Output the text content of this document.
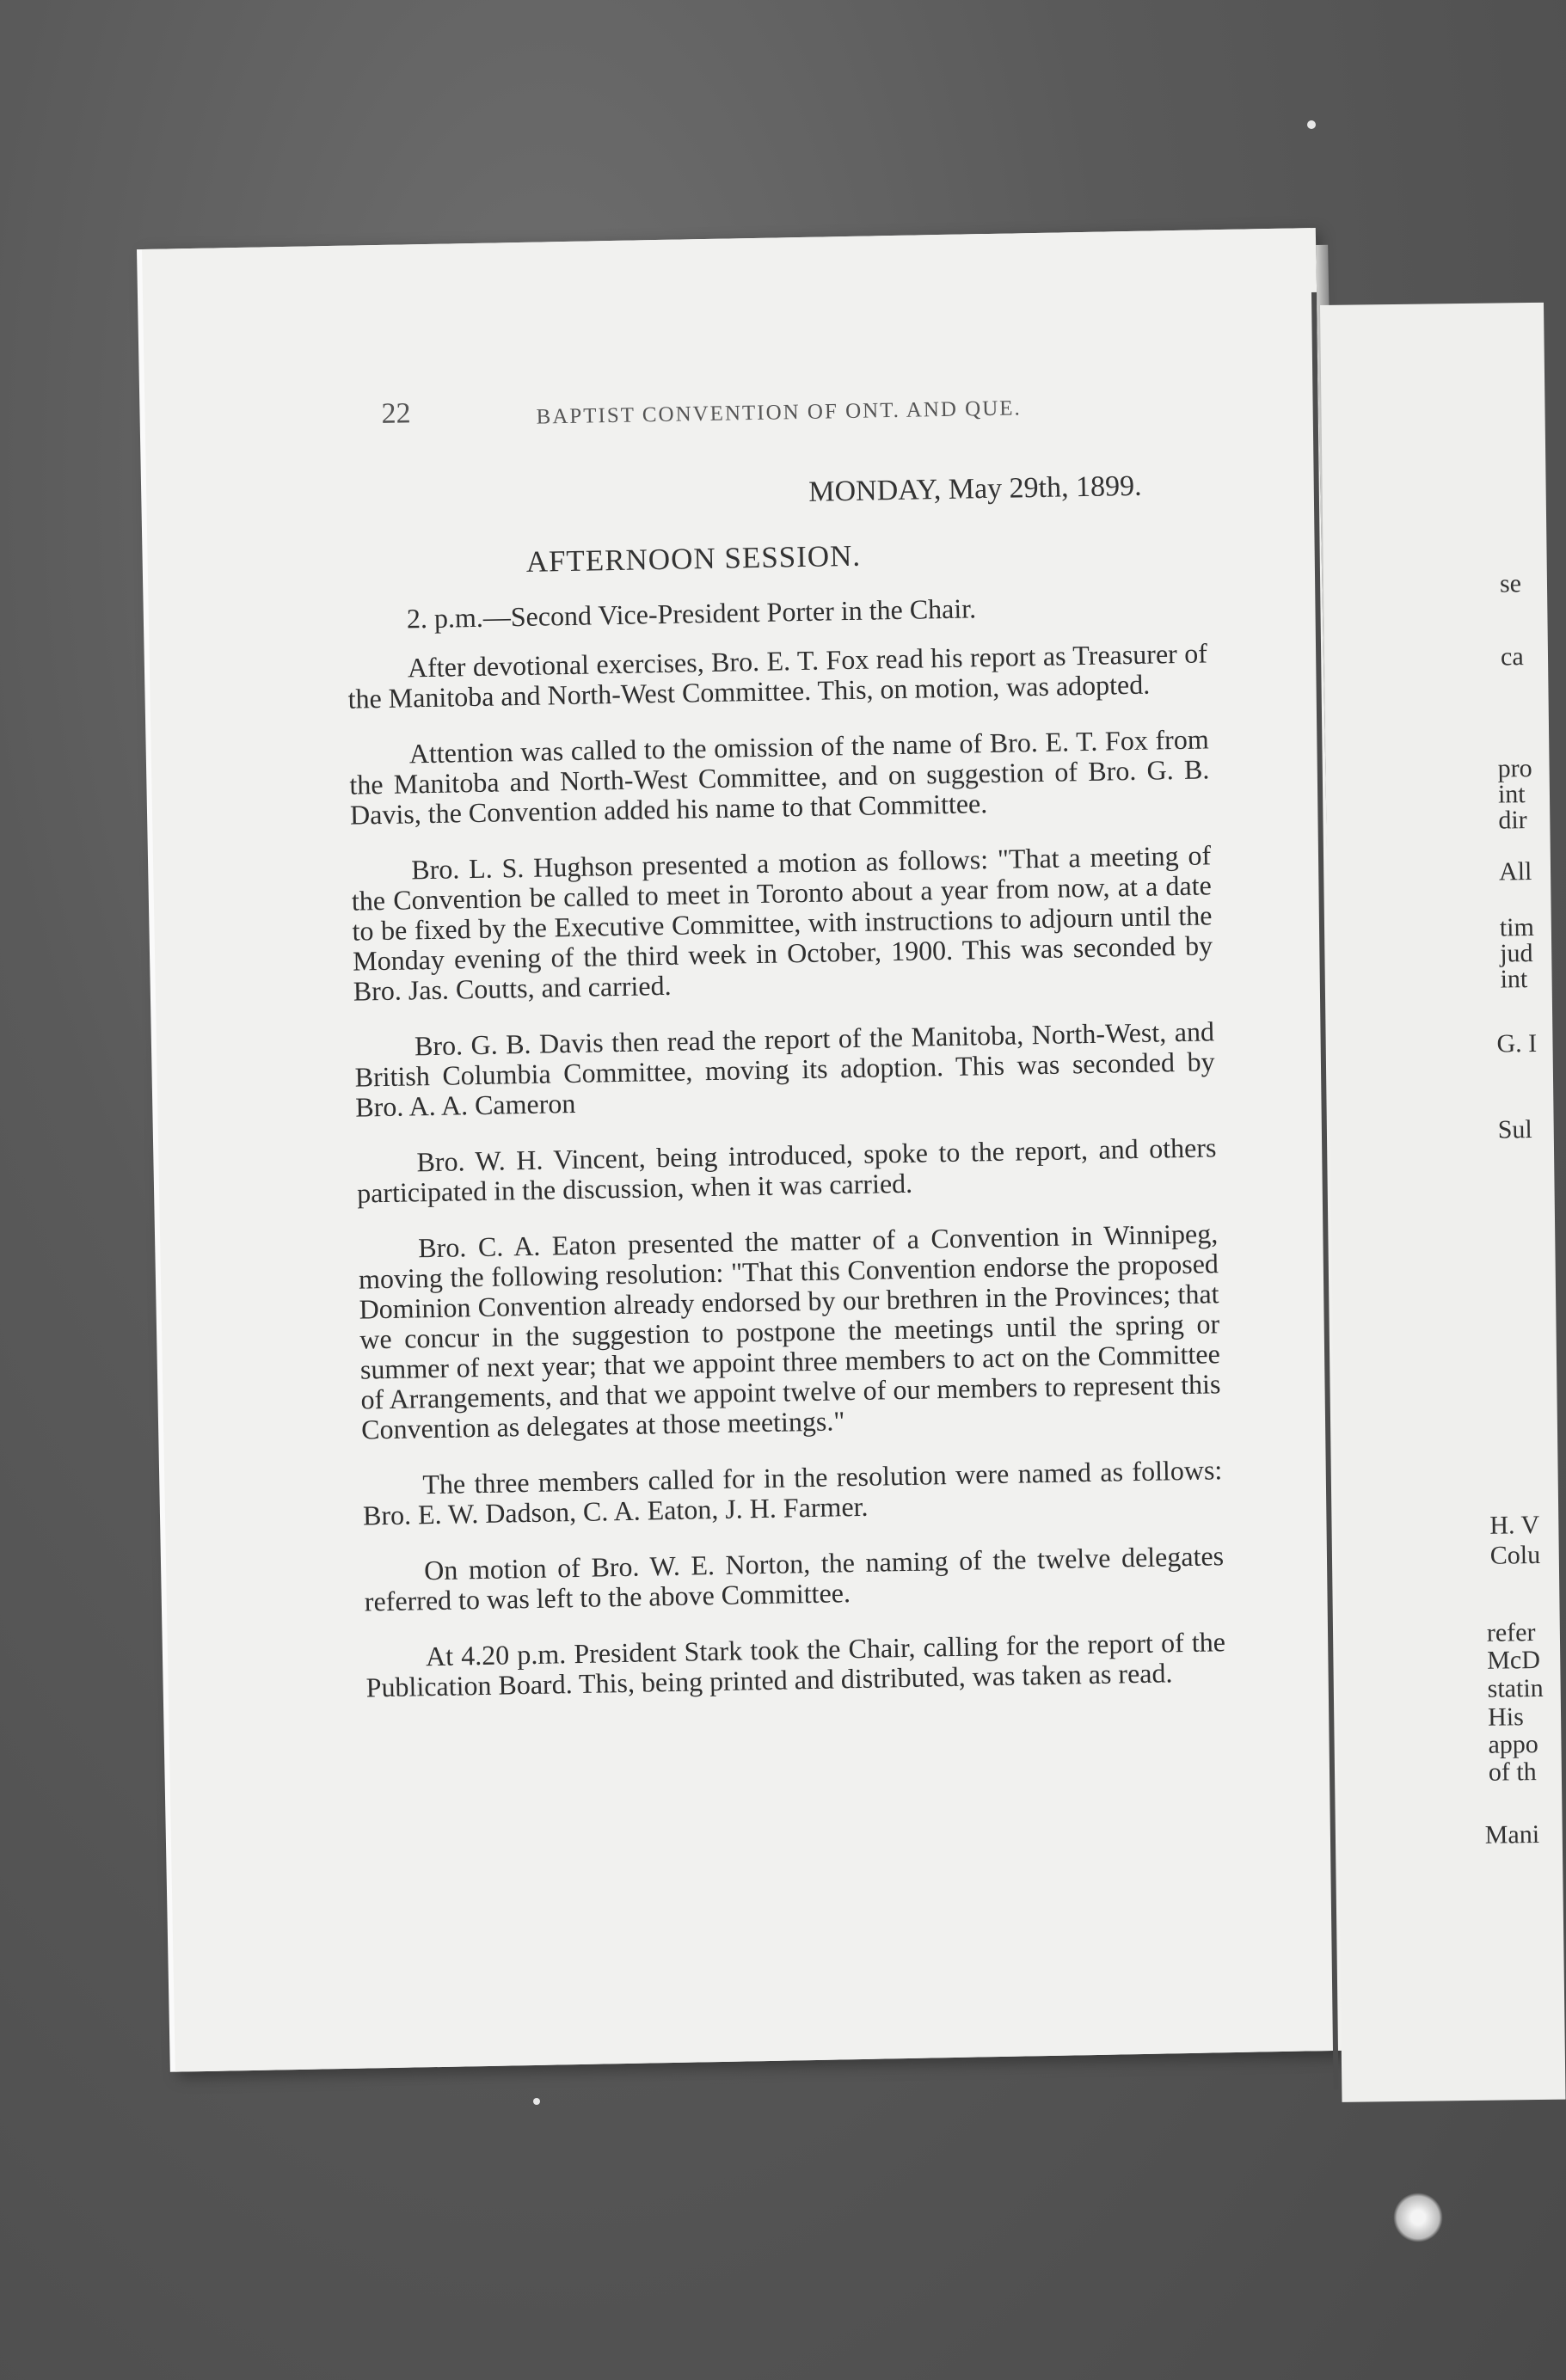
22	BAPTIST CONVENTION OF ONT. AND QUE.
MONDAY, May 29th, 1899.
AFTERNOON SESSION.

2. p.m.—Second Vice-President Porter in the Chair.

After devotional exercises, Bro. E. T. Fox read his report as Treasurer of the Manitoba and North-West Committee. This, on motion, was adopted.

Attention was called to the omission of the name of Bro. E. T. Fox from the Manitoba and North-West Committee, and on suggestion of Bro. G. B. Davis, the Convention added his name to that Committee.

Bro. L. S. Hughson presented a motion as follows: "That a meeting of the Convention be called to meet in Toronto about a year from now, at a date to be fixed by the Executive Committee, with instructions to adjourn until the Monday evening of the third week in October, 1900. This was seconded by Bro. Jas. Coutts, and carried.

Bro. G. B. Davis then read the report of the Manitoba, North-West, and British Columbia Committee, moving its adoption. This was seconded by Bro. A. A. Cameron

Bro. W. H. Vincent, being introduced, spoke to the report, and others participated in the discussion, when it was carried.

Bro. C. A. Eaton presented the matter of a Convention in Winnipeg, moving the following resolution: "That this Convention endorse the proposed Dominion Convention already endorsed by our brethren in the Provinces; that we concur in the suggestion to postpone the meetings until the spring or summer of next year; that we appoint three members to act on the Committee of Arrangements, and that we appoint twelve of our members to represent this Convention as delegates at those meetings."

The three members called for in the resolution were named as follows: Bro. E. W. Dadson, C. A. Eaton, J. H. Farmer.

On motion of Bro. W. E. Norton, the naming of the twelve delegates referred to was left to the above Committee.

At 4.20 p.m. President Stark took the Chair, calling for the report of the Publication Board. This, being printed and distributed, was taken as read.

se
ca
pro
int
dir
All
tim
jud
int
G. I
Sul
H. V
Colu
refer
McD
statin
His
appo
of th
Mani
